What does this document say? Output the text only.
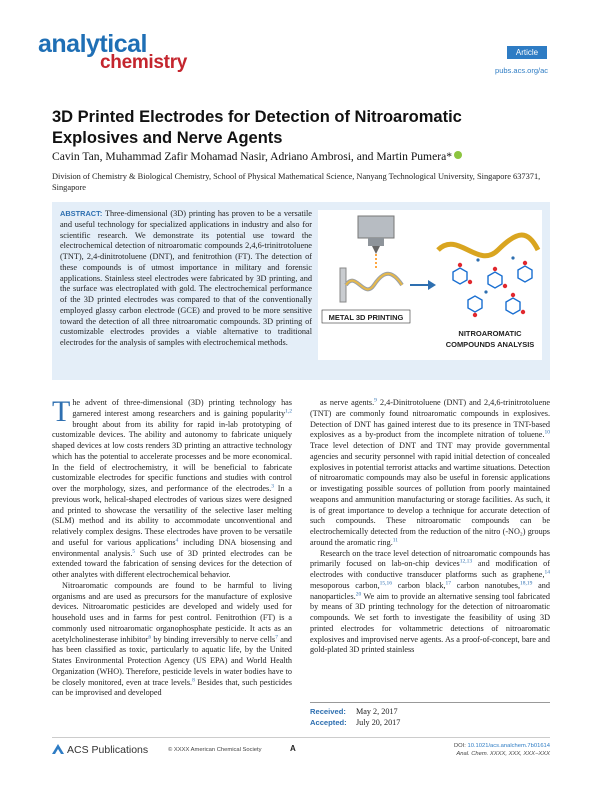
analytical
chemistry	Article
pubs.acs.org/ac
3D Printed Electrodes for Detection of Nitroaromatic Explosives and Nerve Agents
Cavin Tan, Muhammad Zafir Mohamad Nasir, Adriano Ambrosi, and Martin Pumera*
Division of Chemistry & Biological Chemistry, School of Physical Mathematical Science, Nanyang Technological University, Singapore 637371, Singapore
ABSTRACT: Three-dimensional (3D) printing has proven to be a versatile and useful technology for specialized applications in industry and also for scientific research. We demonstrate its potential use toward the electrochemical detection of nitroaromatic compounds 2,4,6-trinitrotoluene (TNT), 2,4-dinitrotoluene (DNT), and fenitrothion (FT). The detection of these compounds is of utmost importance in military and forensic applications. Stainless steel electrodes were fabricated by 3D printing, and the surface was electroplated with gold. The electrochemical performance of the 3D printed electrodes was compared to that of the conventionally employed glassy carbon electrode (GCE) and proved to be more sensitive toward the detection of all three nitroaromatic compounds. 3D printing of customizable electrodes provides a viable alternative to traditional electrodes for the analysis of samples with electrochemical methods.
METAL 3D PRINTING
NITROAROMATIC
COMPOUNDS ANALYSIS

The advent of three-dimensional (3D) printing technology has garnered interest among researchers and is gaining popularity$^{1,2}$ brought about from its ability for rapid in-lab prototyping of customizable devices. The ability and autonomy to fabricate uniquely shaped devices at low costs renders 3D printing an attractive technology which has the potential to accelerate processes and be more economical. In the field of electrochemistry, it will be beneficial to fabricate customizable electrodes for specific functions and studies with control over the morphology, sizes, and performance of the electrodes.$^3$ In a previous work, helical-shaped electrodes of various sizes were designed and printed to showcase the versatility of the selective laser melting (SLM) method and its ability to accommodate unconventional and relatively complex designs. These electrodes have proven to be versatile and useful for various applications$^4$ including DNA biosensing and environmental analysis.$^5$ Such use of 3D printed electrodes can be extended toward the fabrication of sensing devices for the detection of other analytes with different electrochemical behavior.

Nitroaromatic compounds are found to be harmful to living organisms and are used as precursors for the manufacture of explosive devices. Nitroaromatic pesticides are developed and widely used for household uses and in farms for pest control. Fenitrothion (FT) is a commonly used nitroaromatic organophosphate pesticide. It acts as an acetylcholinesterase inhibitor$^6$ by binding irreversibly to nerve cells$^7$ and has been classified as toxic, particularly to aquatic life, by the United States Environmental Protection Agency (US EPA) and World Health Organization (WHO). Therefore, pesticide levels in water bodies have to be closely monitored, even at trace levels.$^8$ Besides that, such pesticides can be improvised and developed

as nerve agents.$^9$ 2,4-Dinitrotoluene (DNT) and 2,4,6-trinitrotoluene (TNT) are commonly found nitroaromatic compounds in explosives. Detection of DNT has gained interest due to its presence in TNT-based explosives as a by-product from the incomplete nitration of toluene.$^{10}$ Trace level detection of DNT and TNT may provide governmental agencies and security personnel with rapid initial detection of concealed explosives in potential terrorist attacks and wartime situations. Detection of nitroaromatic compounds may also be useful in forensic applications or investigating possible sources of pollution from poorly maintained weapons and ammunition manufacturing or storage facilities. As such, it is of great importance to develop a technique for accurate detection of such compounds. These nitroaromatic compounds can be electrochemically detected from the reduction of the nitro (-NO₂) groups around the aromatic ring.$^{11}$

Research on the trace level detection of nitroaromatic compounds has primarily focused on lab-on-chip devices$^{12,13}$ and modification of electrodes with conductive transducer platforms such as graphene,$^{14}$ mesoporous carbon,$^{15,16}$ carbon black,$^{17}$ carbon nanotubes,$^{18,19}$ and nanoparticles.$^{20}$ We aim to provide an alternative sensing tool fabricated by means of 3D printing technology for the detection of nitroaromatic compounds. We set forth to investigate the feasibility of using 3D printed electrodes for voltammetric detections of nitroaromatic explosives and improvised nerve agents. As a proof-of-concept, bare and gold-plated 3D printed stainless

Received: May 2, 2017
Accepted: July 20, 2017
ACS Publications	© XXXX American Chemical Society	A	DOI: 10.1021/acs.analchem.7b01614
Anal. Chem. XXXX, XXX, XXX−XXX
